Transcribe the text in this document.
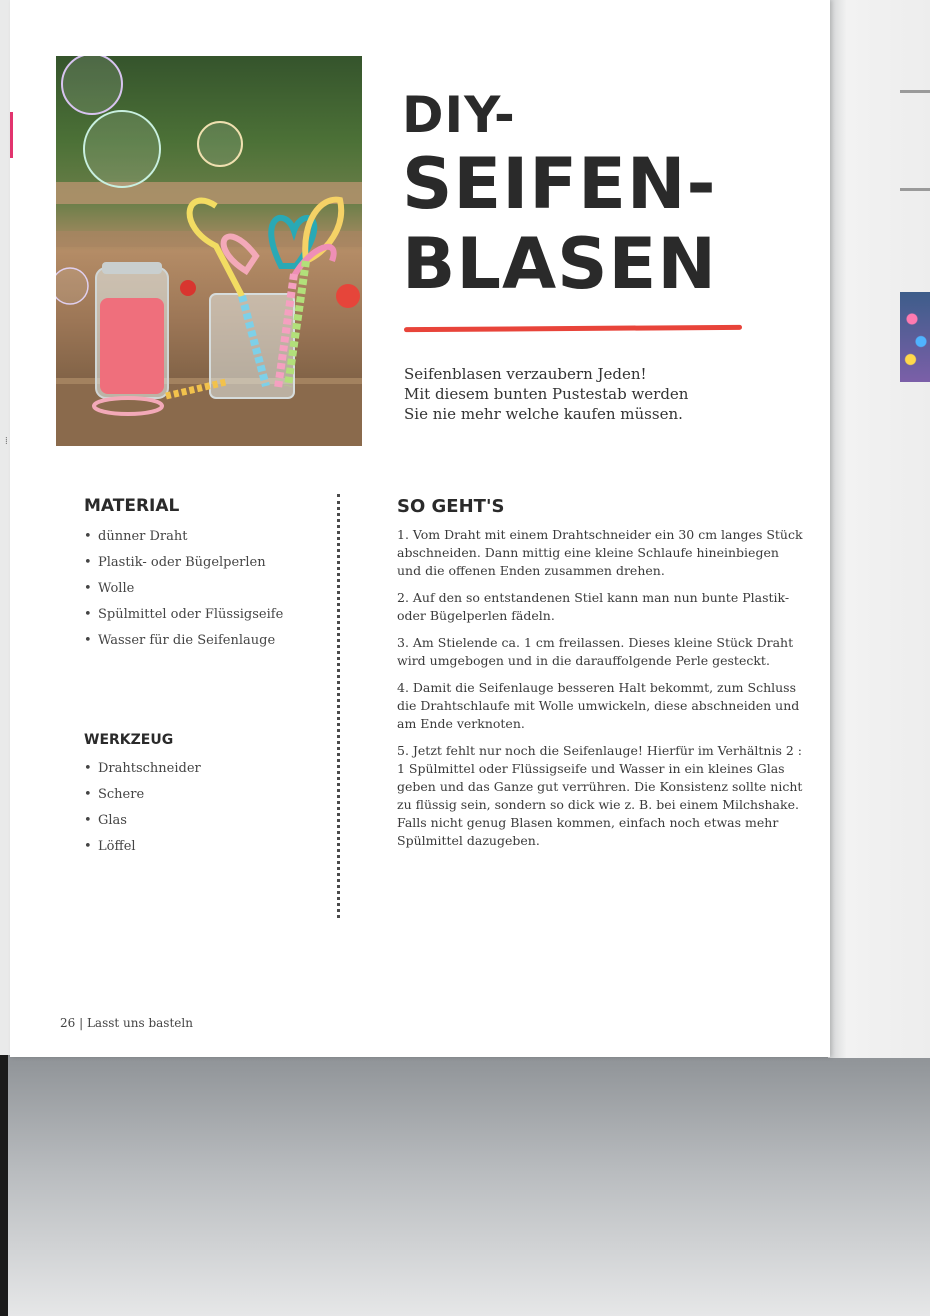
⁞
DIY-
SEIFEN-
BLASEN
Seifenblasen verzaubern Jeden!
Mit diesem bunten Pustestab werden
Sie nie mehr welche kaufen müssen.
MATERIAL
• dünner Draht
• Plastik- oder Bügelperlen
• Wolle
• Spülmittel oder Flüssigseife
• Wasser für die Seifenlauge
WERKZEUG
• Drahtschneider
• Schere
• Glas
• Löffel
SO GEHT'S

1. Vom Draht mit einem Drahtschneider ein 30 cm langes Stück abschneiden. Dann mittig eine kleine Schlaufe hineinbiegen und die offenen Enden zusammen drehen.

2. Auf den so entstandenen Stiel kann man nun bunte Plastik- oder Bügelperlen fädeln.

3. Am Stielende ca. 1 cm freilassen. Dieses kleine Stück Draht wird umgebogen und in die darauffolgende Perle gesteckt.

4. Damit die Seifenlauge besseren Halt bekommt, zum Schluss die Drahtschlaufe mit Wolle umwickeln, diese abschneiden und am Ende verknoten.

5. Jetzt fehlt nur noch die Seifenlauge! Hierfür im Verhältnis 2 : 1 Spülmittel oder Flüssigseife und Wasser in ein kleines Glas geben und das Ganze gut verrühren. Die Konsistenz sollte nicht zu flüssig sein, sondern so dick wie z. B. bei einem Milchshake. Falls nicht genug Blasen kommen, einfach noch etwas mehr Spülmittel dazugeben.

26 | Lasst uns basteln
